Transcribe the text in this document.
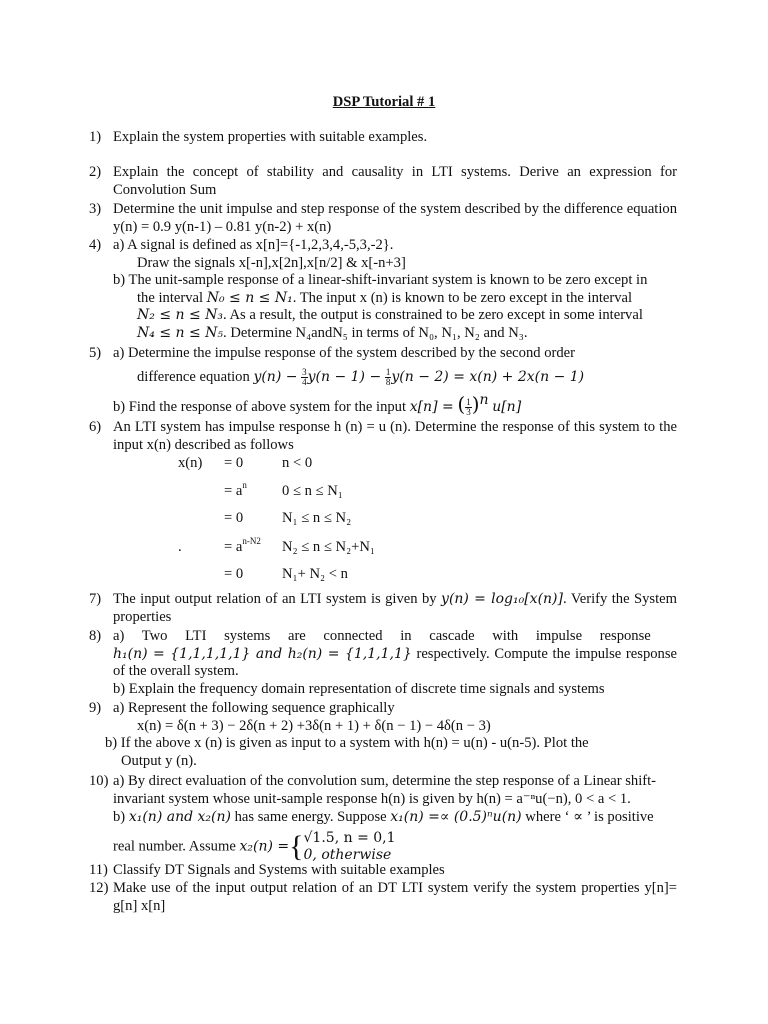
DSP Tutorial # 1
1) Explain the system properties with suitable examples.
2) Explain the concept of stability and causality in LTI systems. Derive an expression for Convolution Sum
3) Determine the unit impulse and step response of the system described by the difference equation y(n) = 0.9 y(n-1) – 0.81 y(n-2) + x(n)
4) a) A signal is defined as x[n]={-1,2,3,4,-5,3,-2}.
Draw the signals x[-n],x[2n],x[n/2] & x[-n+3]
b) The unit-sample response of a linear-shift-invariant system is known to be zero except in
the interval N₀ ≤ n ≤ N₁. The input x (n) is known to be zero except in the interval
N₂ ≤ n ≤ N₃. As a result, the output is constrained to be zero except in some interval
N₄ ≤ n ≤ N₅. Determine N₄andN₅ in terms of N₀, N₁, N₂ and N₃.
5) a) Determine the impulse response of the system described by the second order
difference equation $y(n) - \frac{3}{4} y(n - 1) - \frac{1}{8} y(n - 2) = x(n) + 2x(n - 1)$
b) Find the response of above system for the input x[n] = ( $\frac{1}{3} )^n$ u[n]
6) An LTI system has impulse response h (n) = u (n). Determine the response of this system to the input x(n) described as follows
x(n) = 0	n < 0
= $a^n$ 0 ≤ n ≤ N₁
= 0	N₁ ≤ n ≤ N₂
.	= $a^{n-N2}$ N₂ ≤ n ≤ N₂+N₁
= 0	N₁+ N₂ < n
7) The input output relation of an LTI system is given by y(n) = log₁₀[x(n)]. Verify the System properties
8) a) Two LTI systems are connected in cascade with impulse response
h₁(n) = {1,1,1,1,1} and h₂(n) = {1,1,1,1} respectively. Compute the impulse response of the overall system.
b) Explain the frequency domain representation of discrete time signals and systems
9) a) Represent the following sequence graphically
x(n) = δ(n + 3) − 2δ(n + 2) +3δ(n + 1) + δ(n − 1) − 4δ(n − 3)
b) If the above x (n) is given as input to a system with h(n) = u(n) - u(n-5). Plot the
Output y (n).
10) a) By direct evaluation of the convolution sum, determine the step response of a Linear shift-
invariant system whose unit-sample response h(n) is given by h(n) = a⁻ⁿu(−n), 0 < a < 1.
b) x₁(n) and x₂(n) has same energy. Suppose x₁(n) =∝ (0.5)ⁿu(n) where ‘ ∝ ’ is positive
real number. Assume x₂(n) ={ √1.5, n = 0,1
0, otherwise
11) Classify DT Signals and Systems with suitable examples
12) Make use of the input output relation of an DT LTI system verify the system properties y[n]= g[n] x[n]
